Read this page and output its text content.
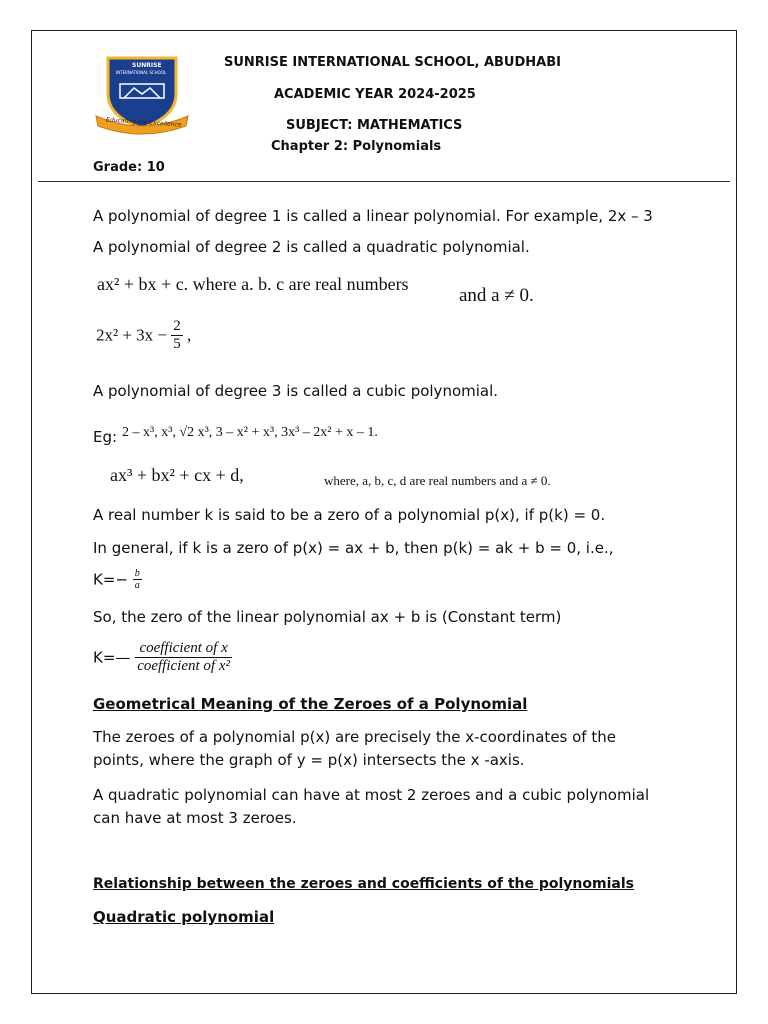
SUNRISE
INTERNATIONAL SCHOOL
Educating For Excellence
SUNRISE INTERNATIONAL SCHOOL, ABUDHABI
ACADEMIC YEAR 2024-2025
SUBJECT: MATHEMATICS
Chapter 2: Polynomials
Grade: 10
A polynomial of degree 1 is called a linear polynomial. For example, 2x – 3
A polynomial of degree 2 is called a quadratic polynomial.
ax² + bx + c. where a. b. c are real numbers
and a ≠ 0.
$2x^2 + 3x - \frac{2}{5}$ ,
A polynomial of degree 3 is called a cubic polynomial.
Eg: 2 – x³, x³, √2 x³, 3 – x² + x³, 3x³ – 2x² + x – 1.
ax³ + bx² + cx + d,	where, a, b, c, d are real numbers and a ≠ 0.
A real number k is said to be a zero of a polynomial p(x), if p(k) = 0.
In general, if k is a zero of p(x) = ax + b, then p(k) = ak + b = 0, i.e.,
$K=- \frac{b}{a}$
So, the zero of the linear polynomial ax + b is (Constant term)
K=— $\frac{\text{coefficient of x}}{\text{coefficient of x²}}$
Geometrical Meaning of the Zeroes of a Polynomial
The zeroes of a polynomial p(x) are precisely the x-coordinates of the
points, where the graph of y = p(x) intersects the x -axis.
A quadratic polynomial can have at most 2 zeroes and a cubic polynomial
can have at most 3 zeroes.
Relationship between the zeroes and coefficients of the polynomials
Quadratic polynomial
